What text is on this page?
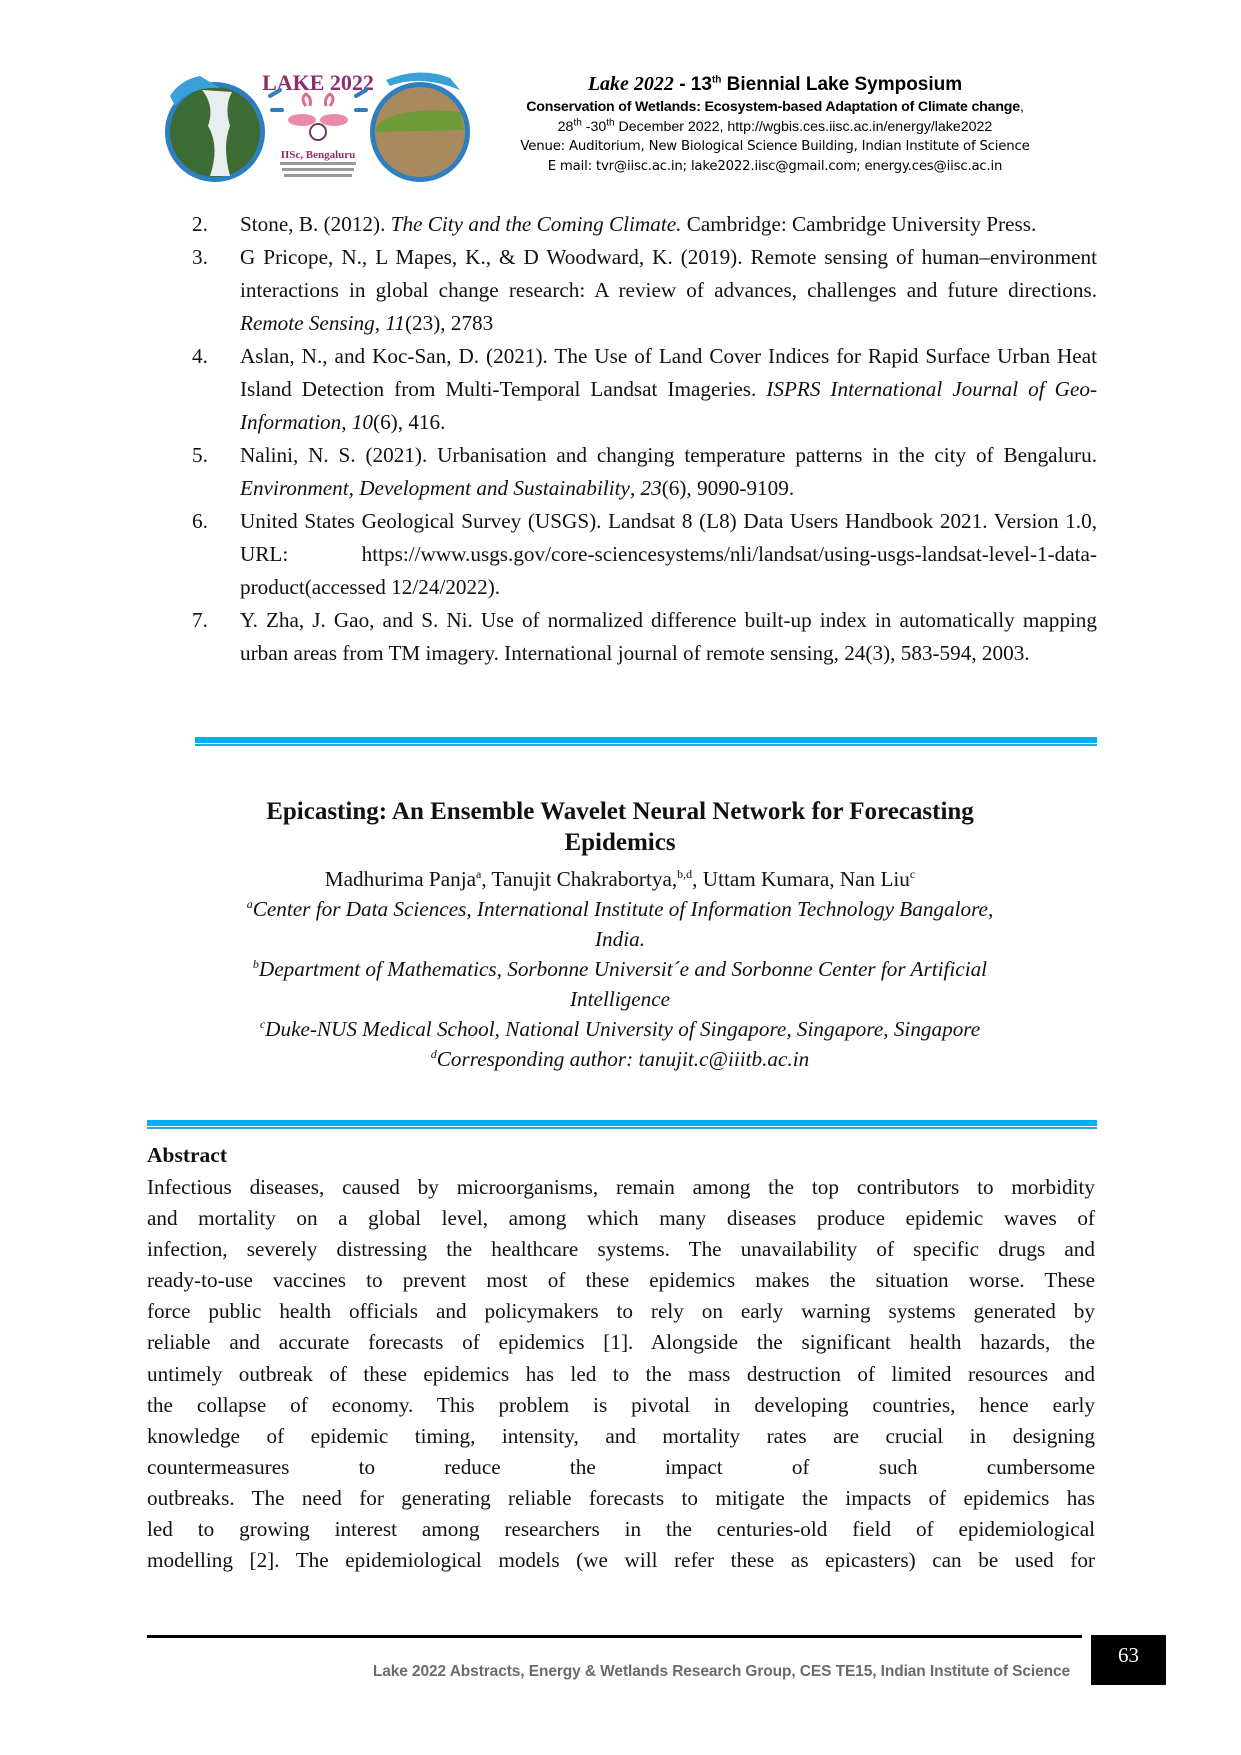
LAKE 2022
IISc, Bengaluru
Lake 2022 - 13th Biennial Lake Symposium
Conservation of Wetlands: Ecosystem-based Adaptation of Climate change,
28th -30th December 2022, http://wgbis.ces.iisc.ac.in/energy/lake2022
Venue: Auditorium, New Biological Science Building, Indian Institute of Science
E mail: tvr@iisc.ac.in; lake2022.iisc@gmail.com; energy.ces@iisc.ac.in
2. Stone, B. (2012). The City and the Coming Climate. Cambridge: Cambridge University Press.
3. G Pricope, N., L Mapes, K., & D Woodward, K. (2019). Remote sensing of human–environment interactions in global change research: A review of advances, challenges and future directions. Remote Sensing, 11(23), 2783
4. Aslan, N., and Koc-San, D. (2021). The Use of Land Cover Indices for Rapid Surface Urban Heat Island Detection from Multi-Temporal Landsat Imageries. ISPRS International Journal of Geo-Information, 10(6), 416.
5. Nalini, N. S. (2021). Urbanisation and changing temperature patterns in the city of Bengaluru. Environment, Development and Sustainability, 23(6), 9090-9109.
6. United States Geological Survey (USGS). Landsat 8 (L8) Data Users Handbook 2021. Version 1.0, URL: https://www.usgs.gov/core-sciencesystems/nli/landsat/using-usgs-landsat-level-1-data-product(accessed 12/24/2022).
7. Y. Zha, J. Gao, and S. Ni. Use of normalized difference built-up index in automatically mapping urban areas from TM imagery. International journal of remote sensing, 24(3), 583-594, 2003.
Epicasting: An Ensemble Wavelet Neural Network for Forecasting
Epidemics
Madhurima Panja$^a$, Tanujit Chakrabortya,$^{b,d}$, Uttam Kumara, Nan Liu$^c$
$^a$Center for Data Sciences, International Institute of Information Technology Bangalore,
India.
$^b$Department of Mathematics, Sorbonne Universit´e and Sorbonne Center for Artificial
Intelligence
$^c$Duke-NUS Medical School, National University of Singapore, Singapore, Singapore
$^d$Corresponding author: tanujit.c@iiitb.ac.in
Abstract
Infectious diseases, caused by microorganisms, remain among the top contributors to morbidity
and mortality on a global level, among which many diseases produce epidemic waves of
infection, severely distressing the healthcare systems. The unavailability of specific drugs and
ready-to-use vaccines to prevent most of these epidemics makes the situation worse. These
force public health officials and policymakers to rely on early warning systems generated by
reliable and accurate forecasts of epidemics [1]. Alongside the significant health hazards, the
untimely outbreak of these epidemics has led to the mass destruction of limited resources and
the collapse of economy. This problem is pivotal in developing countries, hence early
knowledge of epidemic timing, intensity, and mortality rates are crucial in designing
countermeasures to reduce the impact of such cumbersome
outbreaks. The need for generating reliable forecasts to mitigate the impacts of epidemics has
led to growing interest among researchers in the centuries-old field of epidemiological
modelling [2]. The epidemiological models (we will refer these as epicasters) can be used for
Lake 2022 Abstracts, Energy & Wetlands Research Group, CES TE15, Indian Institute of Science
63
